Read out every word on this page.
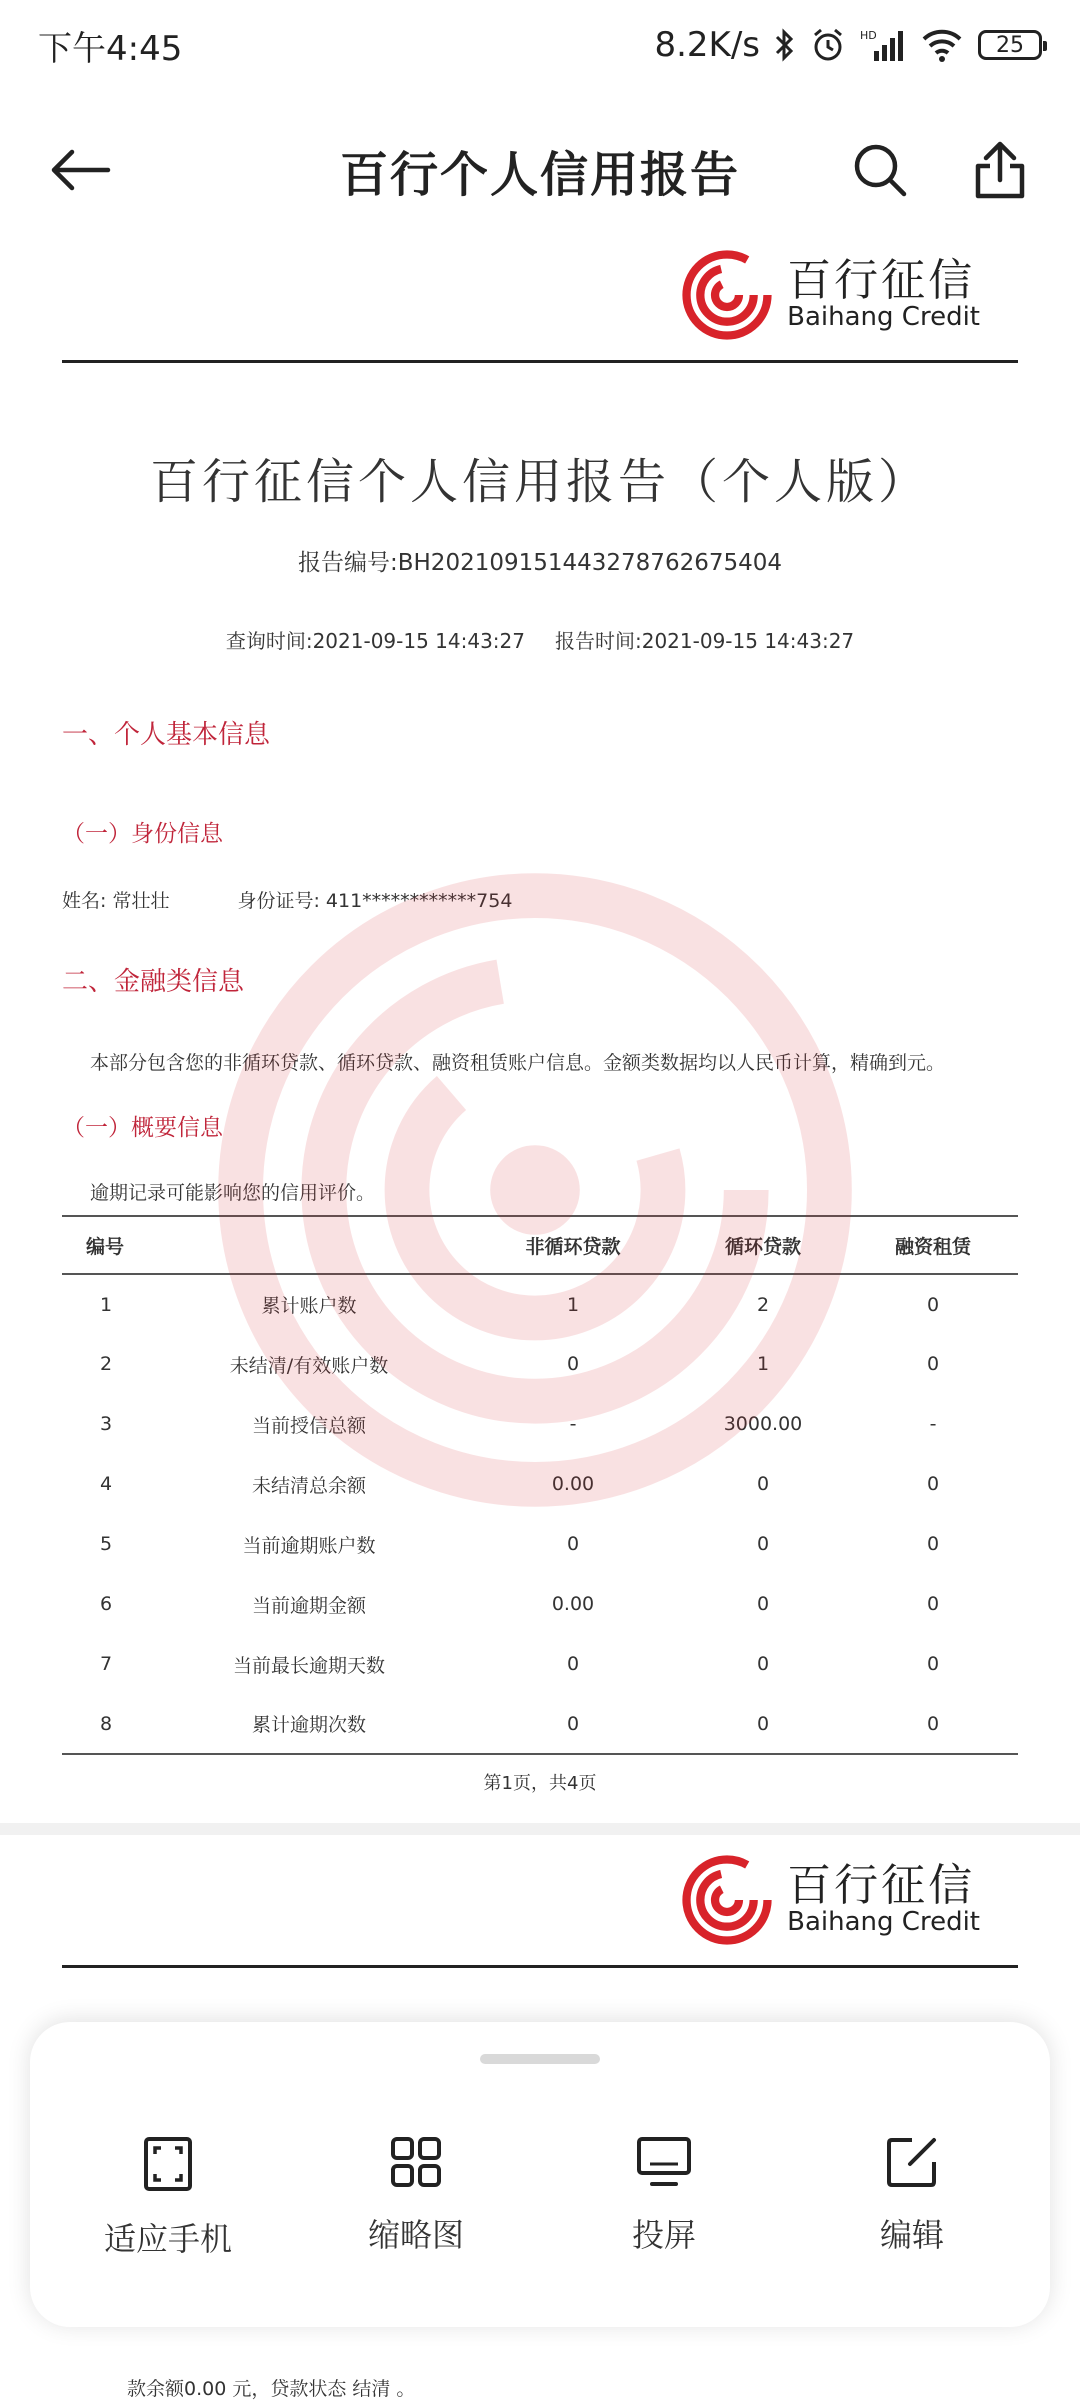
下午4:45	8.2K/s	HD	25
百行个人信用报告
百行征信
Baihang Credit
百行征信个人信用报告（个人版）
报告编号:BH20210915144327876267540​4
查询时间:2021-09-15 14:43:27 报告时间:2021-09-15 14:43:27
一、个人基本信息
（一）身份信息
姓名: 常壮壮	身份证号: 411************754
二、金融类信息
本部分包含您的非循环贷款、循环贷款、融资租赁账户信息。金额类数据均以人民币计算，精确到元。
（一）概要信息
逾期记录可能影响您的信用评价。
编号		非循环贷款	循环贷款	融资租赁
1	累计账户数	1	2	0
2	未结清/有效账户数	0	1	0
3	当前授信总额	-	3000.00	-
4	未结清总余额	0.00	0	0
5	当前逾期账户数	0	0	0
6	当前逾期金额	0.00	0	0
7	当前最长逾期天数	0	0	0
8	累计逾期次数	0	0	0
第1页，共4页
百行征信
Baihang Credit
款余额0.00 元，贷款状态 结清 。
适应手机	缩略图	投屏	编辑
